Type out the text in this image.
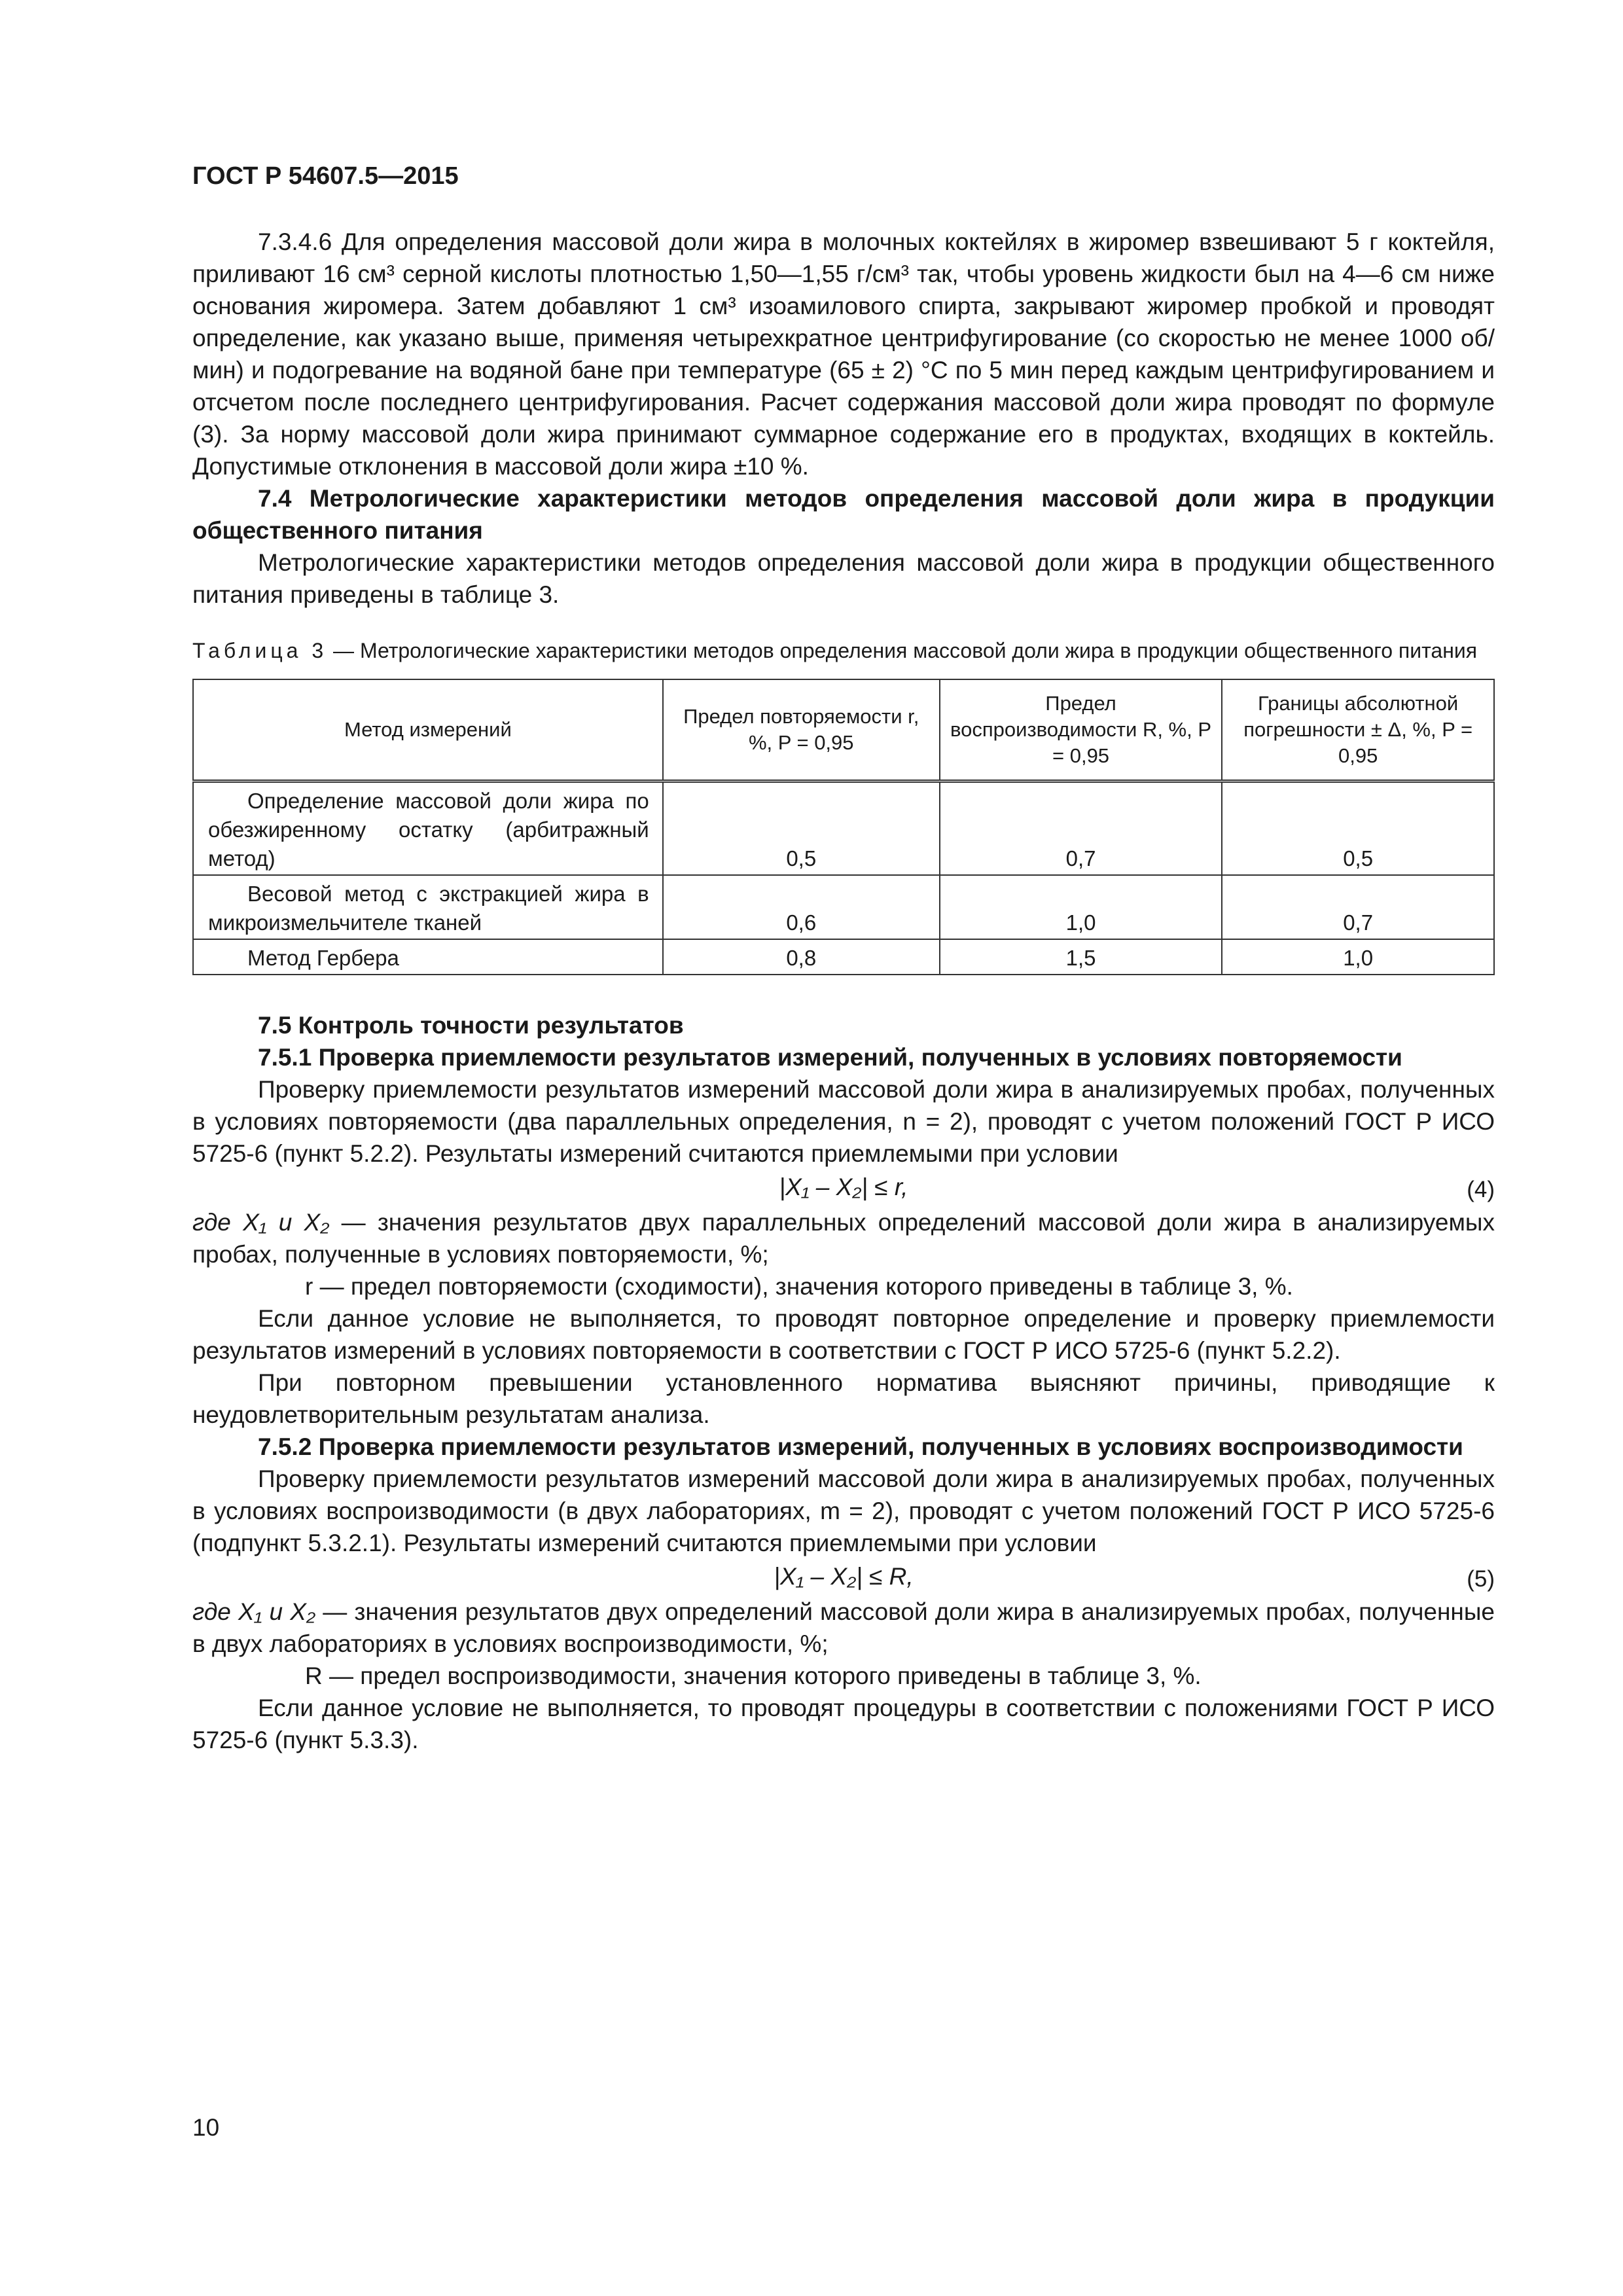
ГОСТ Р 54607.5—2015

7.3.4.6 Для определения массовой доли жира в молочных коктейлях в жиромер взвешивают 5 г коктейля, приливают 16 см³ серной кислоты плотностью 1,50—1,55 г/см³ так, чтобы уровень жидкости был на 4—6 см ниже основания жиромера. Затем добавляют 1 см³ изоамилового спирта, закрывают жиромер пробкой и проводят определение, как указано выше, применяя четырехкратное центрифугирование (со скоростью не менее 1000 об/мин) и подогревание на водяной бане при температуре (65 ± 2) °С по 5 мин перед каждым центрифугированием и отсчетом после последнего центрифугирования. Расчет содержания массовой доли жира проводят по формуле (3). За норму массовой доли жира принимают суммарное содержание его в продуктах, входящих в коктейль. Допустимые отклонения в массовой доли жира ±10 %.

7.4 Метрологические характеристики методов определения массовой доли жира в продукции общественного питания

Метрологические характеристики методов определения массовой доли жира в продукции общественного питания приведены в таблице 3.

Таблица 3 — Метрологические характеристики методов определения массовой доли жира в продукции общественного питания

Метод измерений	Предел повторяемости r, %, P = 0,95	Предел воспроизводимости R, %, P = 0,95	Границы абсолютной погрешности ± Δ, %, P = 0,95

Определение массовой доли жира по обезжиренному остатку (арбитражный метод)	0,5	0,7	0,5

Весовой метод с экстракцией жира в микроизмельчителе тканей	0,6	1,0	0,7

Метод Гербера	0,8	1,5	1,0

7.5 Контроль точности результатов

7.5.1 Проверка приемлемости результатов измерений, полученных в условиях повторяемости

Проверку приемлемости результатов измерений массовой доли жира в анализируемых пробах, полученных в условиях повторяемости (два параллельных определения, n = 2), проводят с учетом положений ГОСТ Р ИСО 5725-6 (пункт 5.2.2). Результаты измерений считаются приемлемыми при условии

|X₁ – X₂| ≤ r,	(4)

где X₁ и X₂ — значения результатов двух параллельных определений массовой доли жира в анализируемых пробах, полученные в условиях повторяемости, %;

r — предел повторяемости (сходимости), значения которого приведены в таблице 3, %.

Если данное условие не выполняется, то проводят повторное определение и проверку приемлемости результатов измерений в условиях повторяемости в соответствии с ГОСТ Р ИСО 5725-6 (пункт 5.2.2).

При повторном превышении установленного норматива выясняют причины, приводящие к неудовлетворительным результатам анализа.

7.5.2 Проверка приемлемости результатов измерений, полученных в условиях воспроизводимости

Проверку приемлемости результатов измерений массовой доли жира в анализируемых пробах, полученных в условиях воспроизводимости (в двух лабораториях, m = 2), проводят с учетом положений ГОСТ Р ИСО 5725-6 (подпункт 5.3.2.1). Результаты измерений считаются приемлемыми при условии

|X₁ – X₂| ≤ R,	(5)

где X₁ и X₂ — значения результатов двух определений массовой доли жира в анализируемых пробах, полученные в двух лабораториях в условиях воспроизводимости, %;

R — предел воспроизводимости, значения которого приведены в таблице 3, %.

Если данное условие не выполняется, то проводят процедуры в соответствии с положениями ГОСТ Р ИСО 5725-6 (пункт 5.3.3).

10
